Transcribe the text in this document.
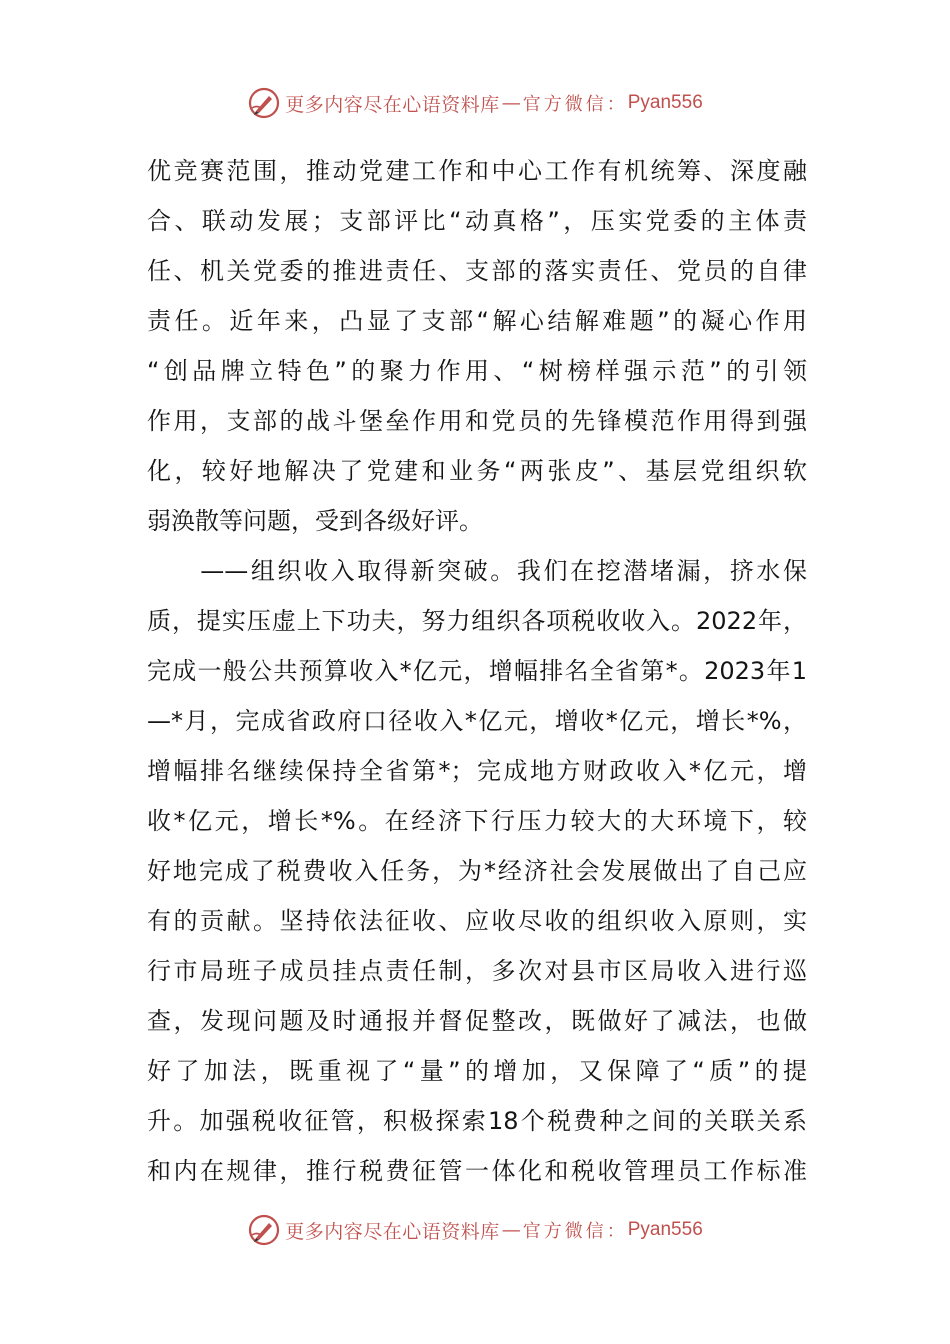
更多内容尽在心语资料库 — 官方微信： Pyan556
优竞赛范围，推动党建工作和中心工作有机统筹、深度融
合、联动发展；支部评比“动真格”，压实党委的主体责
任、机关党委的推进责任、支部的落实责任、党员的自律
责任。近年来，凸显了支部“解心结解难题”的凝心作用
“创品牌立特色”的聚力作用、“树榜样强示范”的引领
作用，支部的战斗堡垒作用和党员的先锋模范作用得到强
化，较好地解决了党建和业务“两张皮”、基层党组织软
弱涣散等问题，受到各级好评。
　　——组织收入取得新突破。我们在挖潜堵漏，挤水保
质，提实压虚上下功夫，努力组织各项税收收入。2022年，
完成一般公共预算收入*亿元，增幅排名全省第*。2023年1
—*月，完成省政府口径收入*亿元，增收*亿元，增长*%，
增幅排名继续保持全省第*；完成地方财政收入*亿元，增
收*亿元，增长*%。在经济下行压力较大的大环境下，较
好地完成了税费收入任务，为*经济社会发展做出了自己应
有的贡献。坚持依法征收、应收尽收的组织收入原则，实
行市局班子成员挂点责任制，多次对县市区局收入进行巡
查，发现问题及时通报并督促整改，既做好了减法，也做
好了加法，既重视了“量”的增加，又保障了“质”的提
升。加强税收征管，积极探索18个税费种之间的关联关系
和内在规律，推行税费征管一体化和税收管理员工作标准
更多内容尽在心语资料库 — 官方微信： Pyan556
